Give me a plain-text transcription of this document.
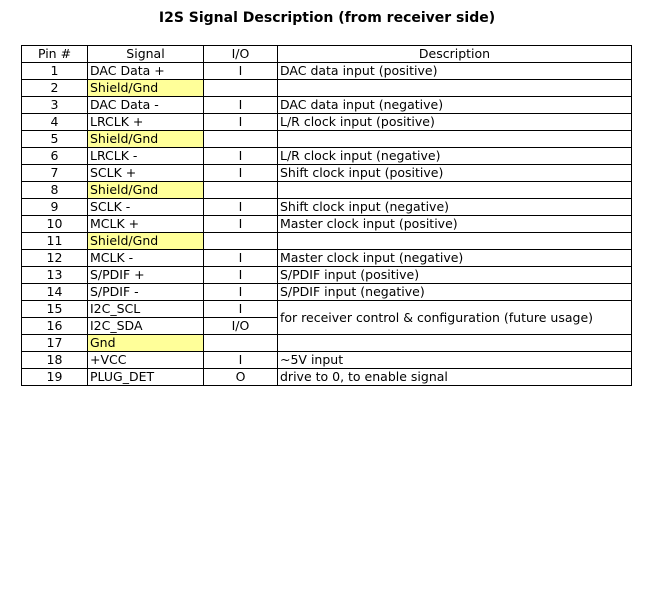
I2S Signal Description (from receiver side)
Pin #	Signal	I/O	Description
1	DAC Data +	I	DAC data input (positive)
2	Shield/Gnd		
3	DAC Data -	I	DAC data input (negative)
4	LRCLK +	I	L/R clock input (positive)
5	Shield/Gnd		
6	LRCLK -	I	L/R clock input (negative)
7	SCLK +	I	Shift clock input (positive)
8	Shield/Gnd		
9	SCLK -	I	Shift clock input (negative)
10	MCLK +	I	Master clock input (positive)
11	Shield/Gnd		
12	MCLK -	I	Master clock input (negative)
13	S/PDIF +	I	S/PDIF input (positive)
14	S/PDIF -	I	S/PDIF input (negative)
15	I2C_SCL	I	for receiver control & configuration (future usage)
16	I2C_SDA	I/O	
17	Gnd		
18	+VCC	I	~5V input
19	PLUG_DET	O	drive to 0, to enable signal
